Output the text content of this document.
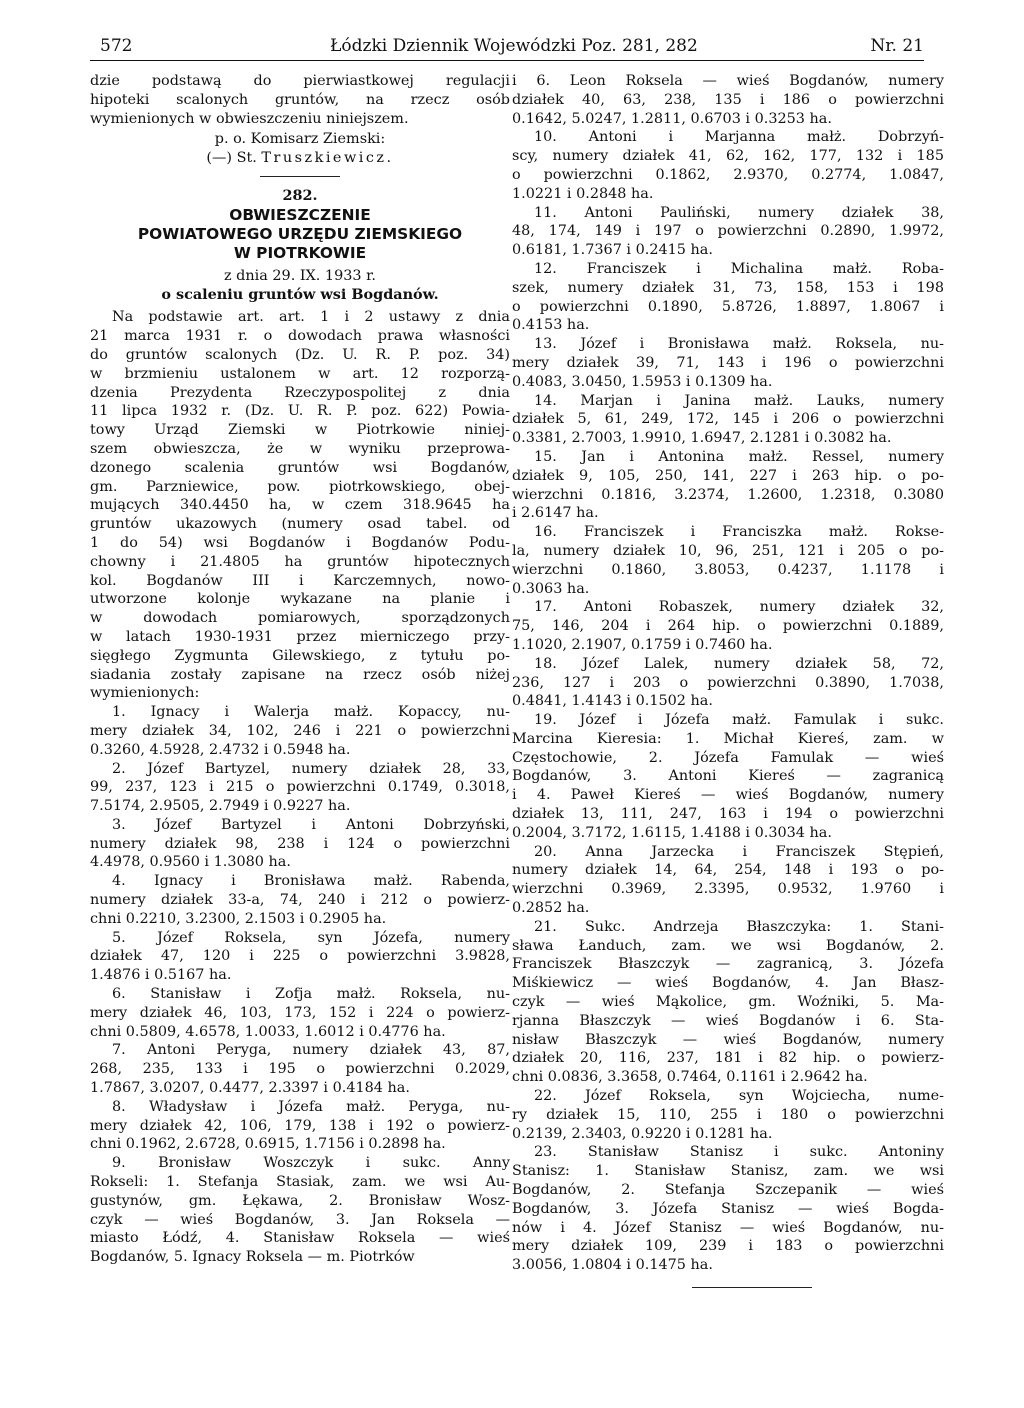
572	Łódzki Dziennik Wojewódzki Poz. 281, 282	Nr. 21

dzie podstawą do pierwiastkowej regulacji

hipoteki scalonych gruntów, na rzecz osób

wymienionych w obwieszczeniu niniejszem.

p. o. Komisarz Ziemski:

(—) St. Truszkiewicz.

282.

OBWIESZCZENIE

POWIATOWEGO URZĘDU ZIEMSKIEGO

W PIOTRKOWIE

z dnia 29. IX. 1933 r.

o scaleniu gruntów wsi Bogdanów.

Na podstawie art. art. 1 i 2 ustawy z dnia

21 marca 1931 r. o dowodach prawa własności

do gruntów scalonych (Dz. U. R. P. poz. 34)

w brzmieniu ustalonem w art. 12 rozporzą-

dzenia Prezydenta Rzeczypospolitej z dnia

11 lipca 1932 r. (Dz. U. R. P. poz. 622) Powia-

towy Urząd Ziemski w Piotrkowie niniej-

szem obwieszcza, że w wyniku przeprowa-

dzonego scalenia gruntów wsi Bogdanów,

gm. Parzniewice, pow. piotrkowskiego, obej-

mujących 340.4450 ha, w czem 318.9645 ha

gruntów ukazowych (numery osad tabel. od

1 do 54) wsi Bogdanów i Bogdanów Podu-

chowny i 21.4805 ha gruntów hipotecznych

kol. Bogdanów III i Karczemnych, nowo-

utworzone kolonje wykazane na planie i

w dowodach pomiarowych, sporządzonych

w latach 1930-1931 przez mierniczego przy-

sięgłego Zygmunta Gilewskiego, z tytułu po-

siadania zostały zapisane na rzecz osób niżej

wymienionych:

1. Ignacy i Walerja małż. Kopaccy, nu-

mery działek 34, 102, 246 i 221 o powierzchni

0.3260, 4.5928, 2.4732 i 0.5948 ha.

2. Józef Bartyzel, numery działek 28, 33,

99, 237, 123 i 215 o powierzchni 0.1749, 0.3018,

7.5174, 2.9505, 2.7949 i 0.9227 ha.

3. Józef Bartyzel i Antoni Dobrzyński,

numery działek 98, 238 i 124 o powierzchni

4.4978, 0.9560 i 1.3080 ha.

4. Ignacy i Bronisława małż. Rabenda,

numery działek 33-a, 74, 240 i 212 o powierz-

chni 0.2210, 3.2300, 2.1503 i 0.2905 ha.

5. Józef Roksela, syn Józefa, numery

działek 47, 120 i 225 o powierzchni 3.9828,

1.4876 i 0.5167 ha.

6. Stanisław i Zofja małż. Roksela, nu-

mery działek 46, 103, 173, 152 i 224 o powierz-

chni 0.5809, 4.6578, 1.0033, 1.6012 i 0.4776 ha.

7. Antoni Peryga, numery działek 43, 87,

268, 235, 133 i 195 o powierzchni 0.2029,

1.7867, 3.0207, 0.4477, 2.3397 i 0.4184 ha.

8. Władysław i Józefa małż. Peryga, nu-

mery działek 42, 106, 179, 138 i 192 o powierz-

chni 0.1962, 2.6728, 0.6915, 1.7156 i 0.2898 ha.

9. Bronisław Woszczyk i sukc. Anny

Rokseli: 1. Stefanja Stasiak, zam. we wsi Au-

gustynów, gm. Łękawa, 2. Bronisław Wosz-

czyk — wieś Bogdanów, 3. Jan Roksela —

miasto Łódź, 4. Stanisław Roksela — wieś

Bogdanów, 5. Ignacy Roksela — m. Piotrków

i 6. Leon Roksela — wieś Bogdanów, numery

działek 40, 63, 238, 135 i 186 o powierzchni

0.1642, 5.0247, 1.2811, 0.6703 i 0.3253 ha.

10. Antoni i Marjanna małż. Dobrzyń-

scy, numery działek 41, 62, 162, 177, 132 i 185

o powierzchni 0.1862, 2.9370, 0.2774, 1.0847,

1.0221 i 0.2848 ha.

11. Antoni Pauliński, numery działek 38,

48, 174, 149 i 197 o powierzchni 0.2890, 1.9972,

0.6181, 1.7367 i 0.2415 ha.

12. Franciszek i Michalina małż. Roba-

szek, numery działek 31, 73, 158, 153 i 198

o powierzchni 0.1890, 5.8726, 1.8897, 1.8067 i

0.4153 ha.

13. Józef i Bronisława małż. Roksela, nu-

mery działek 39, 71, 143 i 196 o powierzchni

0.4083, 3.0450, 1.5953 i 0.1309 ha.

14. Marjan i Janina małż. Lauks, numery

działek 5, 61, 249, 172, 145 i 206 o powierzchni

0.3381, 2.7003, 1.9910, 1.6947, 2.1281 i 0.3082 ha.

15. Jan i Antonina małż. Ressel, numery

działek 9, 105, 250, 141, 227 i 263 hip. o po-

wierzchni 0.1816, 3.2374, 1.2600, 1.2318, 0.3080

i 2.6147 ha.

16. Franciszek i Franciszka małż. Rokse-

la, numery działek 10, 96, 251, 121 i 205 o po-

wierzchni 0.1860, 3.8053, 0.4237, 1.1178 i

0.3063 ha.

17. Antoni Robaszek, numery działek 32,

75, 146, 204 i 264 hip. o powierzchni 0.1889,

1.1020, 2.1907, 0.1759 i 0.7460 ha.

18. Józef Lalek, numery działek 58, 72,

236, 127 i 203 o powierzchni 0.3890, 1.7038,

0.4841, 1.4143 i 0.1502 ha.

19. Józef i Józefa małż. Famulak i sukc.

Marcina Kieresia: 1. Michał Kiereś, zam. w

Częstochowie, 2. Józefa Famulak — wieś

Bogdanów, 3. Antoni Kiereś — zagranicą

i 4. Paweł Kiereś — wieś Bogdanów, numery

działek 13, 111, 247, 163 i 194 o powierzchni

0.2004, 3.7172, 1.6115, 1.4188 i 0.3034 ha.

20. Anna Jarzecka i Franciszek Stępień,

numery działek 14, 64, 254, 148 i 193 o po-

wierzchni 0.3969, 2.3395, 0.9532, 1.9760 i

0.2852 ha.

21. Sukc. Andrzeja Błaszczyka: 1. Stani-

sława Łanduch, zam. we wsi Bogdanów, 2.

Franciszek Błaszczyk — zagranicą, 3. Józefa

Miśkiewicz — wieś Bogdanów, 4. Jan Błasz-

czyk — wieś Mąkolice, gm. Woźniki, 5. Ma-

rjanna Błaszczyk — wieś Bogdanów i 6. Sta-

nisław Błaszczyk — wieś Bogdanów, numery

działek 20, 116, 237, 181 i 82 hip. o powierz-

chni 0.0836, 3.3658, 0.7464, 0.1161 i 2.9642 ha.

22. Józef Roksela, syn Wojciecha, nume-

ry działek 15, 110, 255 i 180 o powierzchni

0.2139, 2.3403, 0.9220 i 0.1281 ha.

23. Stanisław Stanisz i sukc. Antoniny

Stanisz: 1. Stanisław Stanisz, zam. we wsi

Bogdanów, 2. Stefanja Szczepanik — wieś

Bogdanów, 3. Józefa Stanisz — wieś Bogda-

nów i 4. Józef Stanisz — wieś Bogdanów, nu-

mery działek 109, 239 i 183 o powierzchni

3.0056, 1.0804 i 0.1475 ha.
